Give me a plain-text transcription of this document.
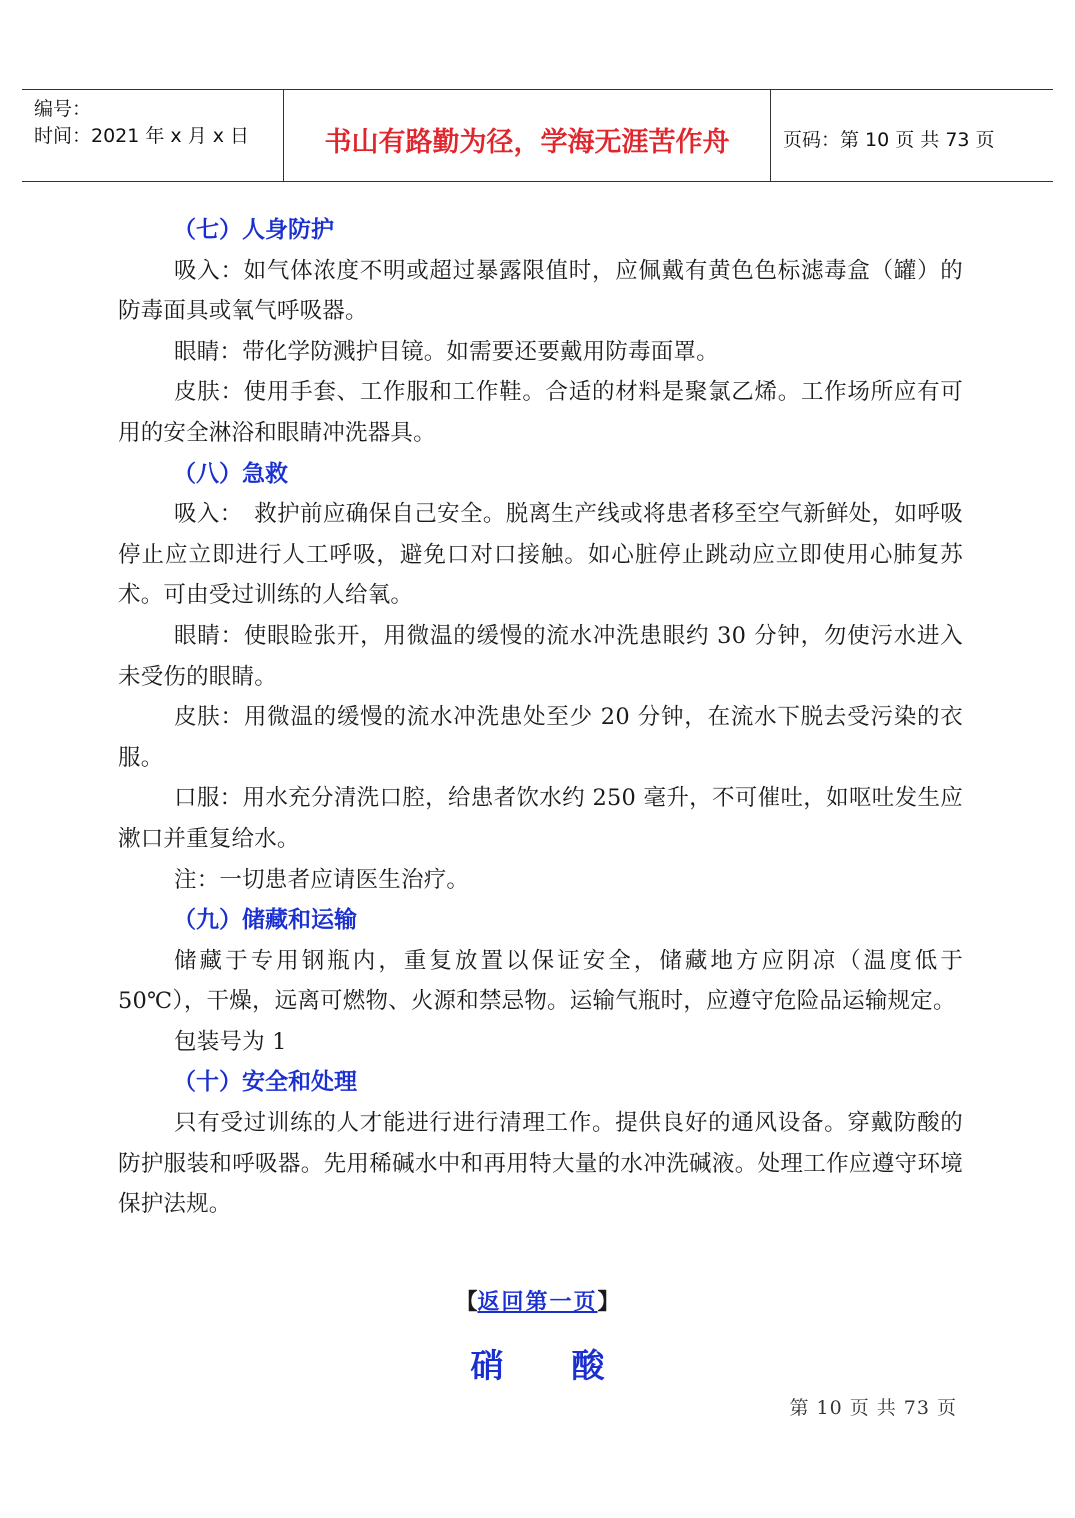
编号：
时间：2021 年 x 月 x 日	书山有路勤为径，学海无涯苦作舟	页码：第 10 页 共 73 页
（七）人身防护

吸入：如气体浓度不明或超过暴露限值时，应佩戴有黄色色标滤毒盒（罐）的防毒面具或氧气呼吸器。

眼睛：带化学防溅护目镜。如需要还要戴用防毒面罩。

皮肤：使用手套、工作服和工作鞋。合适的材料是聚氯乙烯。工作场所应有可用的安全淋浴和眼睛冲洗器具。

（八）急救

吸入：　救护前应确保自己安全。脱离生产线或将患者移至空气新鲜处，如呼吸停止应立即进行人工呼吸，避免口对口接触。如心脏停止跳动应立即使用心肺复苏术。可由受过训练的人给氧。

眼睛：使眼睑张开，用微温的缓慢的流水冲洗患眼约 30 分钟，勿使污水进入未受伤的眼睛。

皮肤：用微温的缓慢的流水冲洗患处至少 20 分钟，在流水下脱去受污染的衣服。

口服：用水充分清洗口腔，给患者饮水约 250 毫升，不可催吐，如呕吐发生应漱口并重复给水。

注：一切患者应请医生治疗。

（九）储藏和运输

储藏于专用钢瓶内，重复放置以保证安全，储藏地方应阴凉（温度低于 50℃），干燥，远离可燃物、火源和禁忌物。运输气瓶时，应遵守危险品运输规定。

包装号为 1

（十）安全和处理

只有受过训练的人才能进行进行清理工作。提供良好的通风设备。穿戴防酸的防护服装和呼吸器。先用稀碱水中和再用特大量的水冲洗碱液。处理工作应遵守环境保护法规。

【返回第一页】
硝酸
第 10 页 共 73 页
